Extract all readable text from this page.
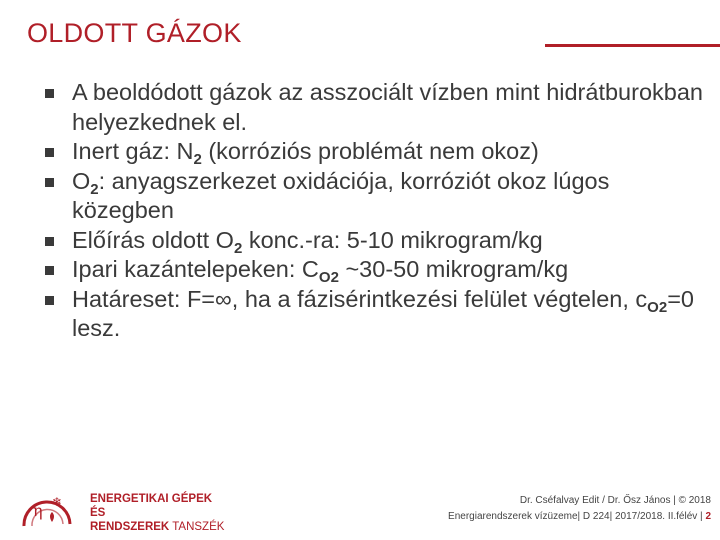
OLDOTT GÁZOK
A beoldódott gázok az asszociált vízben mint hidrátburokban helyezkednek el.
Inert gáz: $N_2$ (korróziós problémát nem okoz)
$O_2$: anyagszerkezet oxidációja, korróziót okoz lúgos közegben
Előírás oldott $O_2$ konc.-ra: 5-10 mikrogram/kg
Ipari kazántelepeken: $C_{O2}$ ~30-50 mikrogram/kg
Határeset: F=∞, ha a fázisérintkezési felület végtelen, $c_{O2}=0$ lesz.
η ❄ ENERGETIKAI GÉPEK ÉS
RENDSZEREK TANSZÉK
Dr. Cséfalvay Edit / Dr. Ősz János | © 2018
Energiarendszerek vízüzeme| D 224| 2017/2018. II.félév | 2
